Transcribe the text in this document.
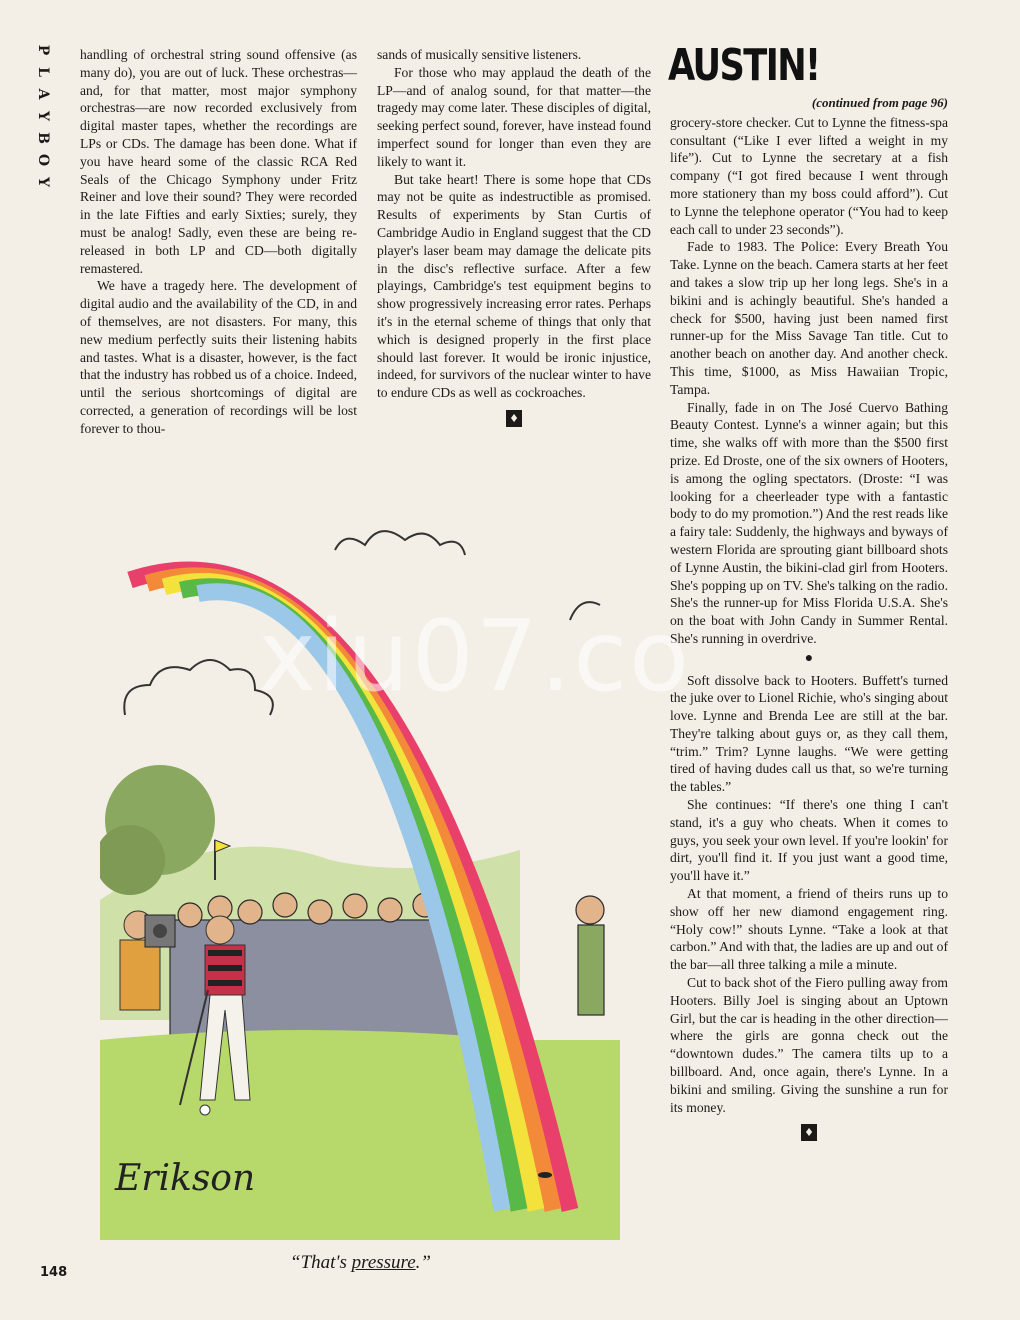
P
L
A
Y
B
O
Y

handling of orchestral string sound offensive (as many do), you are out of luck. These orchestras—and, for that matter, most major symphony orchestras—are now recorded exclusively from digital master tapes, whether the recordings are LPs or CDs. The damage has been done. What if you have heard some of the classic RCA Red Seals of the Chicago Symphony under Fritz Reiner and love their sound? They were recorded in the late Fifties and early Sixties; surely, they must be analog! Sadly, even these are being re-released in both LP and CD—both digitally remastered.

We have a tragedy here. The development of digital audio and the availability of the CD, in and of themselves, are not disasters. For many, this new medium perfectly suits their listening habits and tastes. What is a disaster, however, is the fact that the industry has robbed us of a choice. Indeed, until the serious shortcomings of digital are corrected, a generation of recordings will be lost forever to thou-

sands of musically sensitive listeners.

For those who may applaud the death of the LP—and of analog sound, for that matter—the tragedy may come later. These disciples of digital, seeking perfect sound, forever, have instead found imperfect sound for longer than even they are likely to want it.

But take heart! There is some hope that CDs may not be quite as indestructible as promised. Results of experiments by Stan Curtis of Cambridge Audio in England suggest that the CD player's laser beam may damage the delicate pits in the disc's reflective surface. After a few playings, Cambridge's test equipment begins to show progressively increasing error rates. Perhaps it's in the eternal scheme of things that only that which is designed properly in the first place should last forever. It would be ironic injustice, indeed, for survivors of the nuclear winter to have to endure CDs as well as cockroaches.

♦
AUSTIN!
(continued from page 96)

grocery-store checker. Cut to Lynne the fitness-spa consultant (“Like I ever lifted a weight in my life”). Cut to Lynne the secretary at a fish company (“I got fired because I went through more stationery than my boss could afford”). Cut to Lynne the telephone operator (“You had to keep each call to under 23 seconds”).

Fade to 1983. The Police: Every Breath You Take. Lynne on the beach. Camera starts at her feet and takes a slow trip up her long legs. She's in a bikini and is achingly beautiful. She's handed a check for $500, having just been named first runner-up for the Miss Savage Tan title. Cut to another beach on another day. And another check. This time, $1000, as Miss Hawaiian Tropic, Tampa.

Finally, fade in on The José Cuervo Bathing Beauty Contest. Lynne's a winner again; but this time, she walks off with more than the $500 first prize. Ed Droste, one of the six owners of Hooters, is among the ogling spectators. (Droste: “I was looking for a cheerleader type with a fantastic body to do my promotion.”) And the rest reads like a fairy tale: Suddenly, the highways and byways of western Florida are sprouting giant billboard shots of Lynne Austin, the bikini-clad girl from Hooters. She's popping up on TV. She's talking on the radio. She's the runner-up for Miss Florida U.S.A. She's on the boat with John Candy in Summer Rental. She's running in overdrive.

●

Soft dissolve back to Hooters. Buffett's turned the juke over to Lionel Richie, who's singing about love. Lynne and Brenda Lee are still at the bar. They're talking about guys or, as they call them, “trim.” Trim? Lynne laughs. “We were getting tired of having dudes call us that, so we're turning the tables.”

She continues: “If there's one thing I can't stand, it's a guy who cheats. When it comes to guys, you seek your own level. If you're lookin' for dirt, you'll find it. If you just want a good time, you'll have it.”

At that moment, a friend of theirs runs up to show off her new diamond engagement ring. “Holy cow!” shouts Lynne. “Take a look at that carbon.” And with that, the ladies are up and out of the bar—all three talking a mile a minute.

Cut to back shot of the Fiero pulling away from Hooters. Billy Joel is singing about an Uptown Girl, but the car is heading in the other direction—where the girls are gonna check out the “downtown dudes.” The camera tilts up to a billboard. And, once again, there's Lynne. In a bikini and smiling. Giving the sunshine a run for its money.

♦
Erikson
“That's pressure.”
148
xiu07.co
